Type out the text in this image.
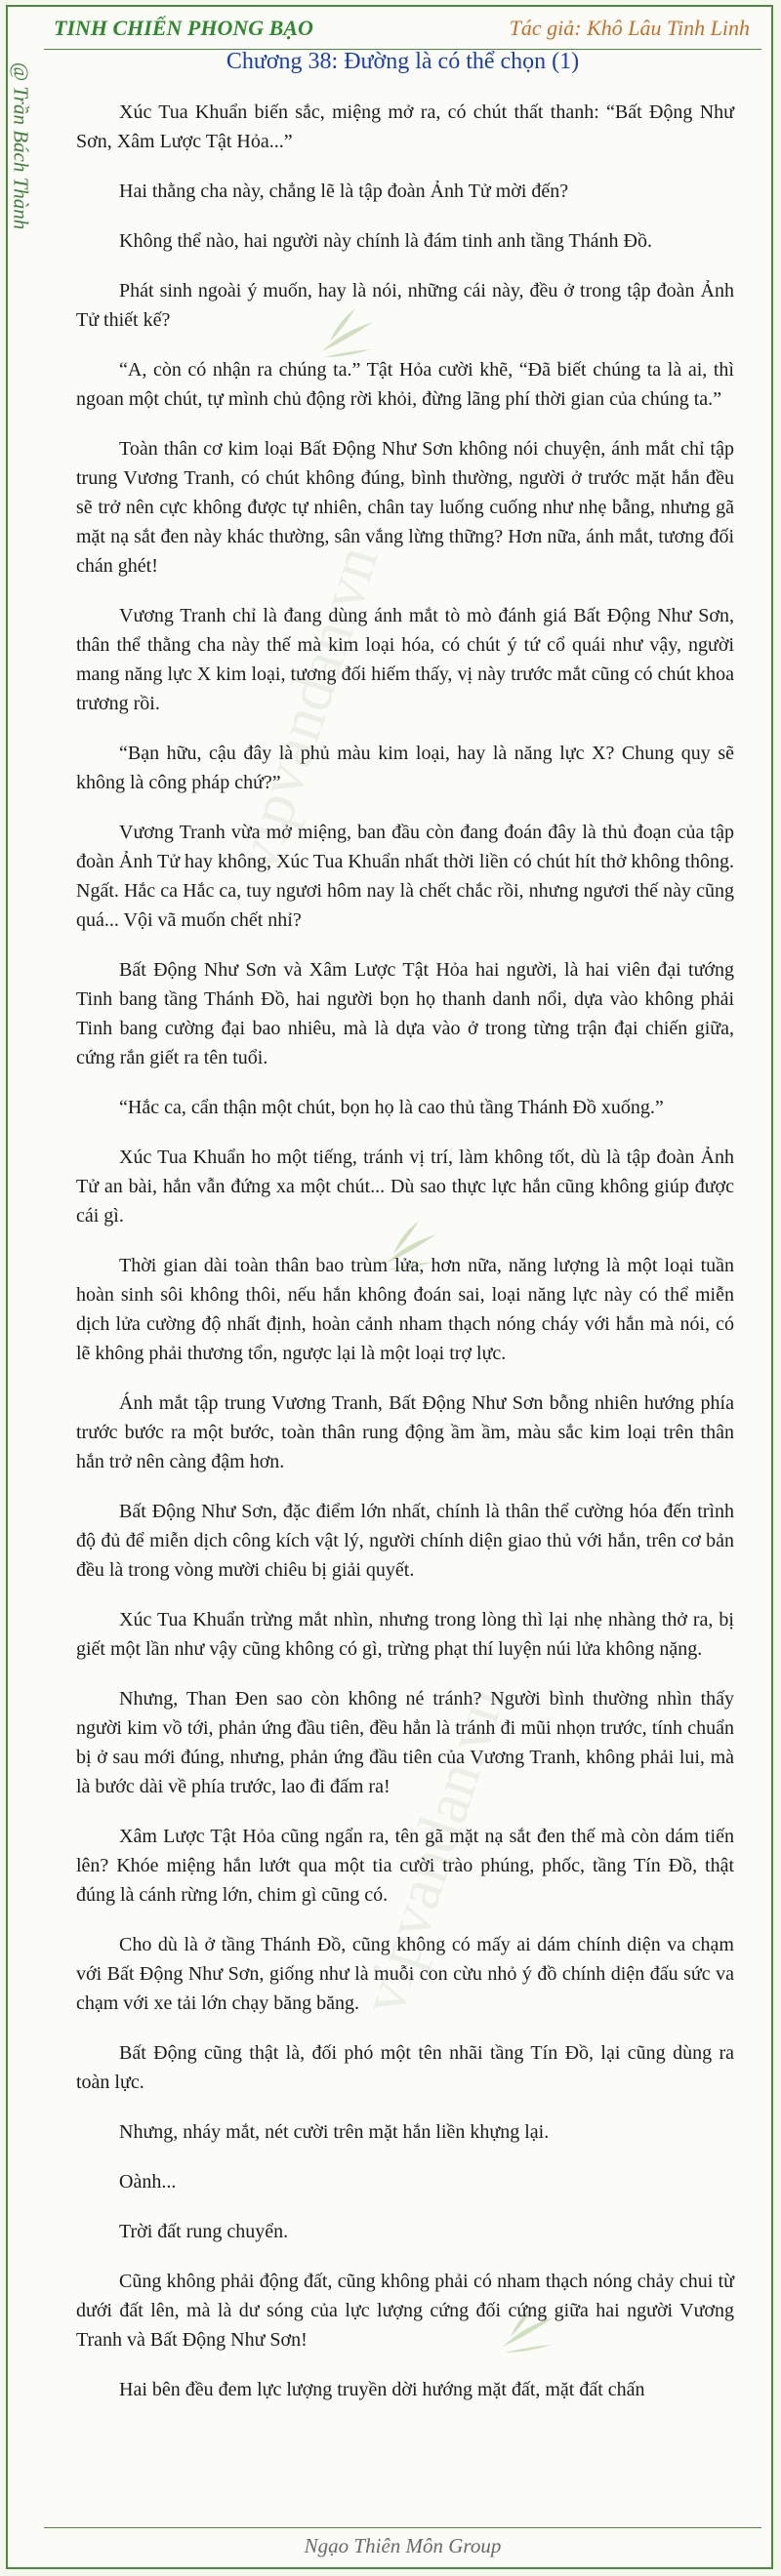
@ Trần Bách Thành
TINH CHIẾN PHONG BẠO	Tác giả: Khô Lâu Tinh Linh
Chương 38: Đường là có thể chọn (1)
vipvandan.vn
vipvandan.vn

Xúc Tua Khuẩn biến sắc, miệng mở ra, có chút thất thanh: “Bất Động Như Sơn, Xâm Lược Tật Hỏa...”

Hai thằng cha này, chẳng lẽ là tập đoàn Ảnh Tử mời đến?

Không thể nào, hai người này chính là đám tinh anh tầng Thánh Đồ.

Phát sinh ngoài ý muốn, hay là nói, những cái này, đều ở trong tập đoàn Ảnh Tử thiết kế?

“A, còn có nhận ra chúng ta.” Tật Hỏa cười khẽ, “Đã biết chúng ta là ai, thì ngoan một chút, tự mình chủ động rời khỏi, đừng lãng phí thời gian của chúng ta.”

Toàn thân cơ kim loại Bất Động Như Sơn không nói chuyện, ánh mắt chỉ tập trung Vương Tranh, có chút không đúng, bình thường, người ở trước mặt hắn đều sẽ trở nên cực không được tự nhiên, chân tay luống cuống như nhẹ bẫng, nhưng gã mặt nạ sắt đen này khác thường, sân vắng lừng thững? Hơn nữa, ánh mắt, tương đối chán ghét!

Vương Tranh chỉ là đang dùng ánh mắt tò mò đánh giá Bất Động Như Sơn, thân thể thằng cha này thế mà kim loại hóa, có chút ý tứ cổ quái như vậy, người mang năng lực X kim loại, tương đối hiếm thấy, vị này trước mắt cũng có chút khoa trương rồi.

“Bạn hữu, cậu đây là phủ màu kim loại, hay là năng lực X? Chung quy sẽ không là công pháp chứ?”

Vương Tranh vừa mở miệng, ban đầu còn đang đoán đây là thủ đoạn của tập đoàn Ảnh Tử hay không, Xúc Tua Khuẩn nhất thời liền có chút hít thở không thông. Ngất. Hắc ca Hắc ca, tuy ngươi hôm nay là chết chắc rồi, nhưng ngươi thế này cũng quá... Vội vã muốn chết nhỉ?

Bất Động Như Sơn và Xâm Lược Tật Hỏa hai người, là hai viên đại tướng Tinh bang tầng Thánh Đồ, hai người bọn họ thanh danh nổi, dựa vào không phải Tinh bang cường đại bao nhiêu, mà là dựa vào ở trong từng trận đại chiến giữa, cứng rắn giết ra tên tuổi.

“Hắc ca, cẩn thận một chút, bọn họ là cao thủ tầng Thánh Đồ xuống.”

Xúc Tua Khuẩn ho một tiếng, tránh vị trí, làm không tốt, dù là tập đoàn Ảnh Tử an bài, hắn vẫn đứng xa một chút... Dù sao thực lực hắn cũng không giúp được cái gì.

Thời gian dài toàn thân bao trùm lửa, hơn nữa, năng lượng là một loại tuần hoàn sinh sôi không thôi, nếu hắn không đoán sai, loại năng lực này có thể miễn dịch lửa cường độ nhất định, hoàn cảnh nham thạch nóng cháy với hắn mà nói, có lẽ không phải thương tổn, ngược lại là một loại trợ lực.

Ánh mắt tập trung Vương Tranh, Bất Động Như Sơn bỗng nhiên hướng phía trước bước ra một bước, toàn thân rung động ầm ầm, màu sắc kim loại trên thân hắn trở nên càng đậm hơn.

Bất Động Như Sơn, đặc điểm lớn nhất, chính là thân thể cường hóa đến trình độ đủ để miễn dịch công kích vật lý, người chính diện giao thủ với hắn, trên cơ bản đều là trong vòng mười chiêu bị giải quyết.

Xúc Tua Khuẩn trừng mắt nhìn, nhưng trong lòng thì lại nhẹ nhàng thở ra, bị giết một lần như vậy cũng không có gì, trừng phạt thí luyện núi lửa không nặng.

Nhưng, Than Đen sao còn không né tránh? Người bình thường nhìn thấy người kim vồ tới, phản ứng đầu tiên, đều hẳn là tránh đi mũi nhọn trước, tính chuẩn bị ở sau mới đúng, nhưng, phản ứng đầu tiên của Vương Tranh, không phải lui, mà là bước dài về phía trước, lao đi đấm ra!

Xâm Lược Tật Hỏa cũng ngẩn ra, tên gã mặt nạ sắt đen thế mà còn dám tiến lên? Khóe miệng hắn lướt qua một tia cười trào phúng, phốc, tầng Tín Đồ, thật đúng là cánh rừng lớn, chim gì cũng có.

Cho dù là ở tầng Thánh Đồ, cũng không có mấy ai dám chính diện va chạm với Bất Động Như Sơn, giống như là muỗi con cừu nhỏ ý đồ chính diện đấu sức va chạm với xe tải lớn chạy băng băng.

Bất Động cũng thật là, đối phó một tên nhãi tầng Tín Đồ, lại cũng dùng ra toàn lực.

Nhưng, nháy mắt, nét cười trên mặt hắn liền khựng lại.

Oành...

Trời đất rung chuyển.

Cũng không phải động đất, cũng không phải có nham thạch nóng chảy chui từ dưới đất lên, mà là dư sóng của lực lượng cứng đối cứng giữa hai người Vương Tranh và Bất Động Như Sơn!

Hai bên đều đem lực lượng truyền dời hướng mặt đất, mặt đất chấn

Ngạo Thiên Môn Group
